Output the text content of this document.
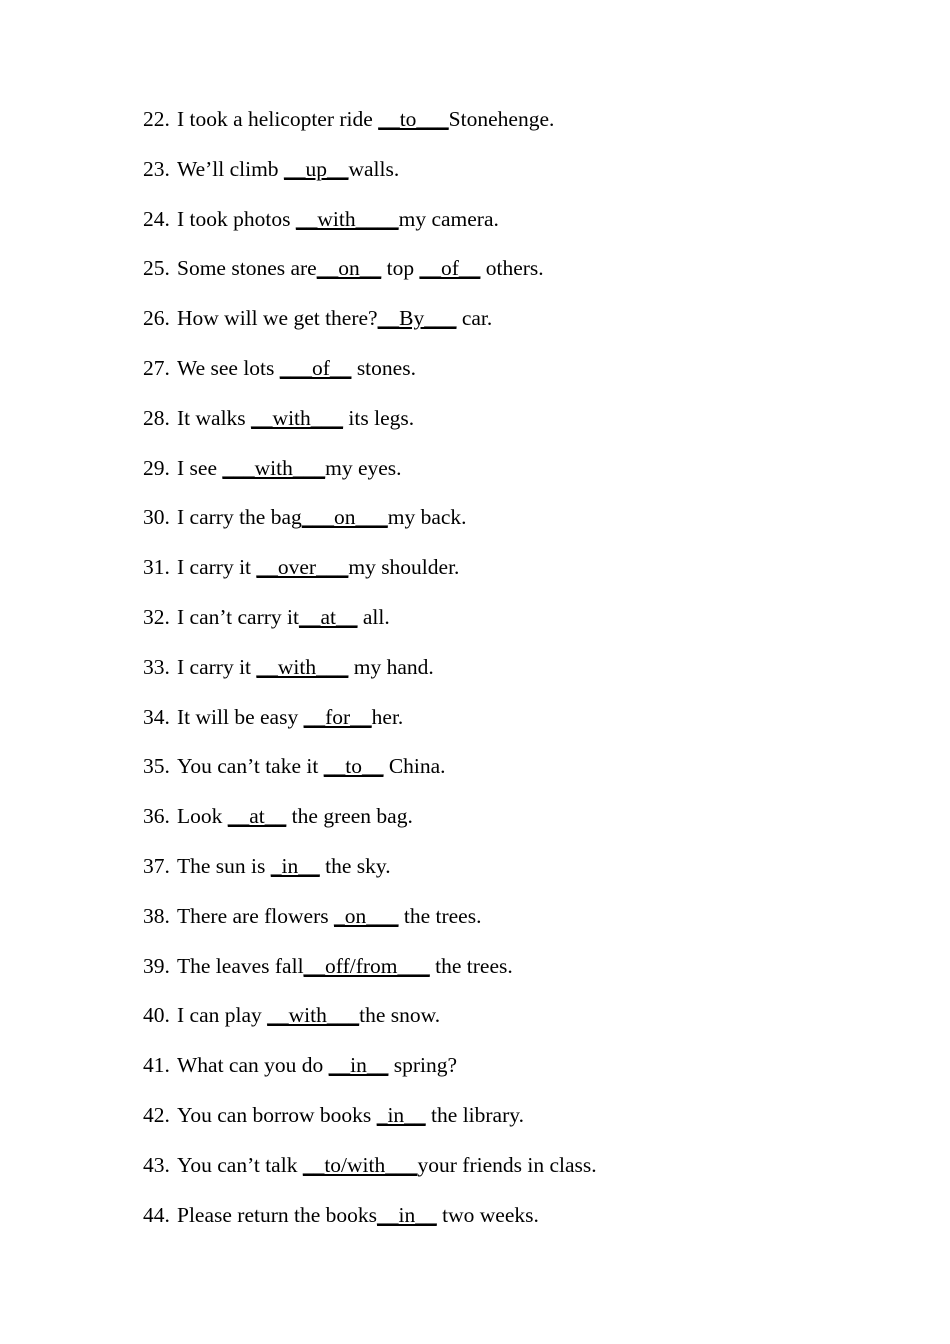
22. I took a helicopter ride __to___Stonehenge.
23. We’ll climb __up__walls.
24. I took photos __with____my camera.
25. Some stones are__on__ top __of__ others.
26. How will we get there?__By___ car.
27. We see lots ___of__ stones.
28. It walks __with___ its legs.
29. I see ___with___my eyes.
30. I carry the bag___on___my back.
31. I carry it __over___my shoulder.
32. I can’t carry it__at__ all.
33. I carry it __with___ my hand.
34. It will be easy __for__her.
35. You can’t take it __to__ China.
36. Look __at__ the green bag.
37. The sun is _in__ the sky.
38. There are flowers _on___ the trees.
39. The leaves fall__off/from___ the trees.
40. I can play __with___the snow.
41. What can you do __in__ spring?
42. You can borrow books _in__ the library.
43. You can’t talk __to/with___your friends in class.
44. Please return the books__in__ two weeks.
